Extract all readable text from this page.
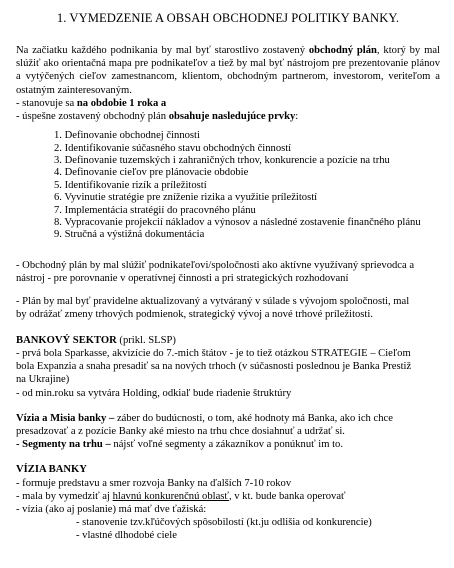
1. VYMEDZENIE A OBSAH OBCHODNEJ POLITIKY BANKY.

Na začiatku každého podnikania by mal byť starostlivo zostavený obchodný plán, ktorý by mal slúžiť ako orientačná mapa pre podnikateľov a tiež by mal byť nástrojom pre prezentovanie plánov a vytýčených cieľov zamestnancom, klientom, obchodným partnerom, investorom, veriteľom a ostatným zainteresovaným.

- stanovuje sa na obdobie 1 roka a
- úspešne zostavený obchodný plán obsahuje nasledujúce prvky:
1. Definovanie obchodnej činnosti
2. Identifikovanie súčasného stavu obchodných činností
3. Definovanie tuzemských i zahraničných trhov, konkurencie a pozície na trhu
4. Definovanie cieľov pre plánovacie obdobie
5. Identifikovanie rizík a príležitostí
6. Vyvinutie stratégie pre zníženie rizika a využitie príležitostí
7. Implementácia stratégií do pracovného plánu
8. Vypracovanie projekcií nákladov a výnosov a následné zostavenie finančného plánu
9. Stručná a výstižná dokumentácia
- Obchodný plán by mal slúžiť podnikateľovi/spoločnosti ako aktívne využívaný sprievodca a
nástroj - pre porovnanie v operatívnej činnosti a pri strategických rozhodovaní
- Plán by mal byť pravidelne aktualizovaný a vytváraný v súlade s vývojom spoločnosti, mal
by odrážať zmeny trhových podmienok, strategický vývoj a nové trhové príležitosti.
BANKOVÝ SEKTOR (prikl. SLSP)
- prvá bola Sparkasse, akvizície do 7.-mich štátov - je to tiež otázkou STRATEGIE – Cieľom
bola Expanzia a snaha presadiť sa na nových trhoch (v súčasnosti poslednou je Banka Prestiž
na Ukrajine)
- od min.roku sa vytvára Holding, odkiaľ bude riadenie štruktúry
Vízia a Misia banky – záber do budúcnosti, o tom, aké hodnoty má Banka, ako ich chce
presadzovať a z pozície Banky aké miesto na trhu chce dosiahnuť a udržať si.
- Segmenty na trhu – nájsť voľné segmenty a zákazníkov a ponúknuť im to.
VÍZIA BANKY
- formuje predstavu a smer rozvoja Banky na ďalších 7-10 rokov
- mala by vymedziť aj hlavnú konkurenčnú oblasť, v kt. bude banka operovať
- vízia (ako aj poslanie) má mať dve ťažiská:
- stanovenie tzv.kľúčových spôsobilostí (kt.ju odlišia od konkurencie)
- vlastné dlhodobé ciele
